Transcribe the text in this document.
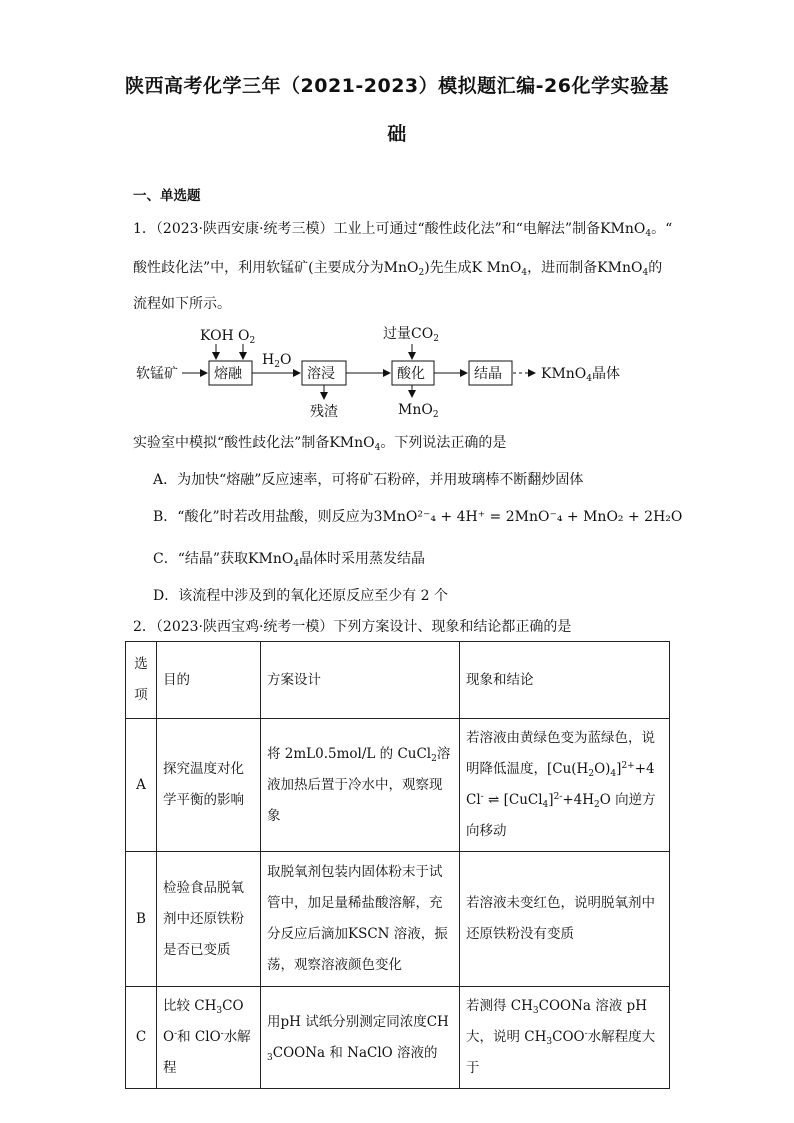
陕西高考化学三年（2021-2023）模拟题汇编-26化学实验基
础
一、单选题
1．（2023·陕西安康·统考三模）工业上可通过“酸性歧化法”和“电解法”制备KMnO$_4$。“
酸性歧化法”中，利用软锰矿(主要成分为MnO$_2$)先生成K MnO$_4$，进而制备KMnO$_4$的
流程如下所示。
软锰矿
KOH $O_2$
熔融
$H_2O$
溶浸
残渣
过量$CO_2$
酸化
MnO$_2$
结晶	KMnO$_4$晶体
实验室中模拟“酸性歧化法”制备KMnO$_4$。下列说法正确的是
A．为加快“熔融”反应速率，可将矿石粉碎，并用玻璃棒不断翻炒固体
B．“酸化”时若改用盐酸，则反应为3MnO²⁻₄ + 4H⁺ = 2MnO⁻₄ + MnO₂ + 2H₂O
C．“结晶”获取KMnO$_4$晶体时采用蒸发结晶
D．该流程中涉及到的氧化还原反应至少有 2 个
2．（2023·陕西宝鸡·统考一模）下列方案设计、现象和结论都正确的是
选项	目的	方案设计	现象和结论
A	探究温度对化学平衡的影响	将 2mL0.5mol/L 的 CuCl$_2$溶液加热后置于冷水中，观察现象	若溶液由黄绿色变为蓝绿色，说明降低温度，$[Cu(H_2O)_4]^{2+}+4Cl^-$ ⇌ $[CuCl_4]^{2-}+4H_2O$ 向逆方向移动
B	检验食品脱氧剂中还原铁粉是否已变质	取脱氧剂包装内固体粉末于试管中，加足量稀盐酸溶解，充分反应后滴加KSCN 溶液，振荡，观察溶液颜色变化	若溶液未变红色，说明脱氧剂中还原铁粉没有变质
C	比较 $CH_3COO^-$和 ClO-水解程	用pH 试纸分别测定同浓度$CH_3COONa$ 和 NaClO 溶液的	若测得 $CH_3COONa$ 溶液 pH 大，说明 $CH_3COO^-$水解程度大于
